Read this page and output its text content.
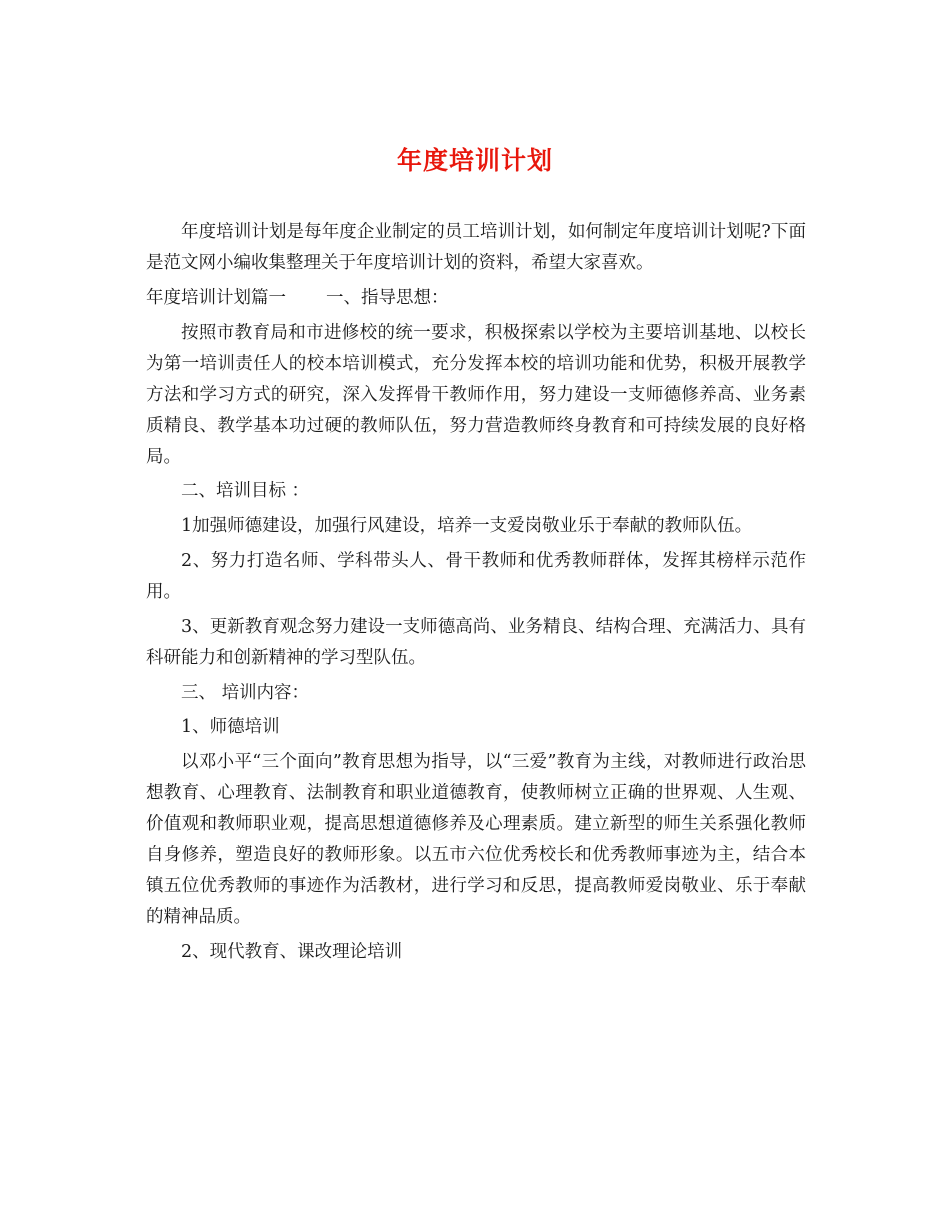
年度培训计划

年度培训计划是每年度企业制定的员工培训计划，如何制定年度培训计划呢?下面是范文网小编收集整理关于年度培训计划的资料，希望大家喜欢。

年度培训计划篇一 一、指导思想：

按照市教育局和市进修校的统一要求，积极探索以学校为主要培训基地、以校长为第一培训责任人的校本培训模式，充分发挥本校的培训功能和优势，积极开展教学方法和学习方式的研究，深入发挥骨干教师作用，努力建设一支师德修养高、业务素质精良、教学基本功过硬的教师队伍，努力营造教师终身教育和可持续发展的良好格局。

二、培训目标 ：

1加强师德建设，加强行风建设，培养一支爱岗敬业乐于奉献的教师队伍。

2、努力打造名师、学科带头人、骨干教师和优秀教师群体，发挥其榜样示范作用。

3、更新教育观念努力建设一支师德高尚、业务精良、结构合理、充满活力、具有科研能力和创新精神的学习型队伍。

三、 培训内容：

1、师德培训

以邓小平“三个面向”教育思想为指导，以“三爱”教育为主线，对教师进行政治思想教育、心理教育、法制教育和职业道德教育，使教师树立正确的世界观、人生观、价值观和教师职业观，提高思想道德修养及心理素质。建立新型的师生关系强化教师自身修养，塑造良好的教师形象。以五市六位优秀校长和优秀教师事迹为主，结合本镇五位优秀教师的事迹作为活教材，进行学习和反思，提高教师爱岗敬业、乐于奉献的精神品质。

2、现代教育、课改理论培训
